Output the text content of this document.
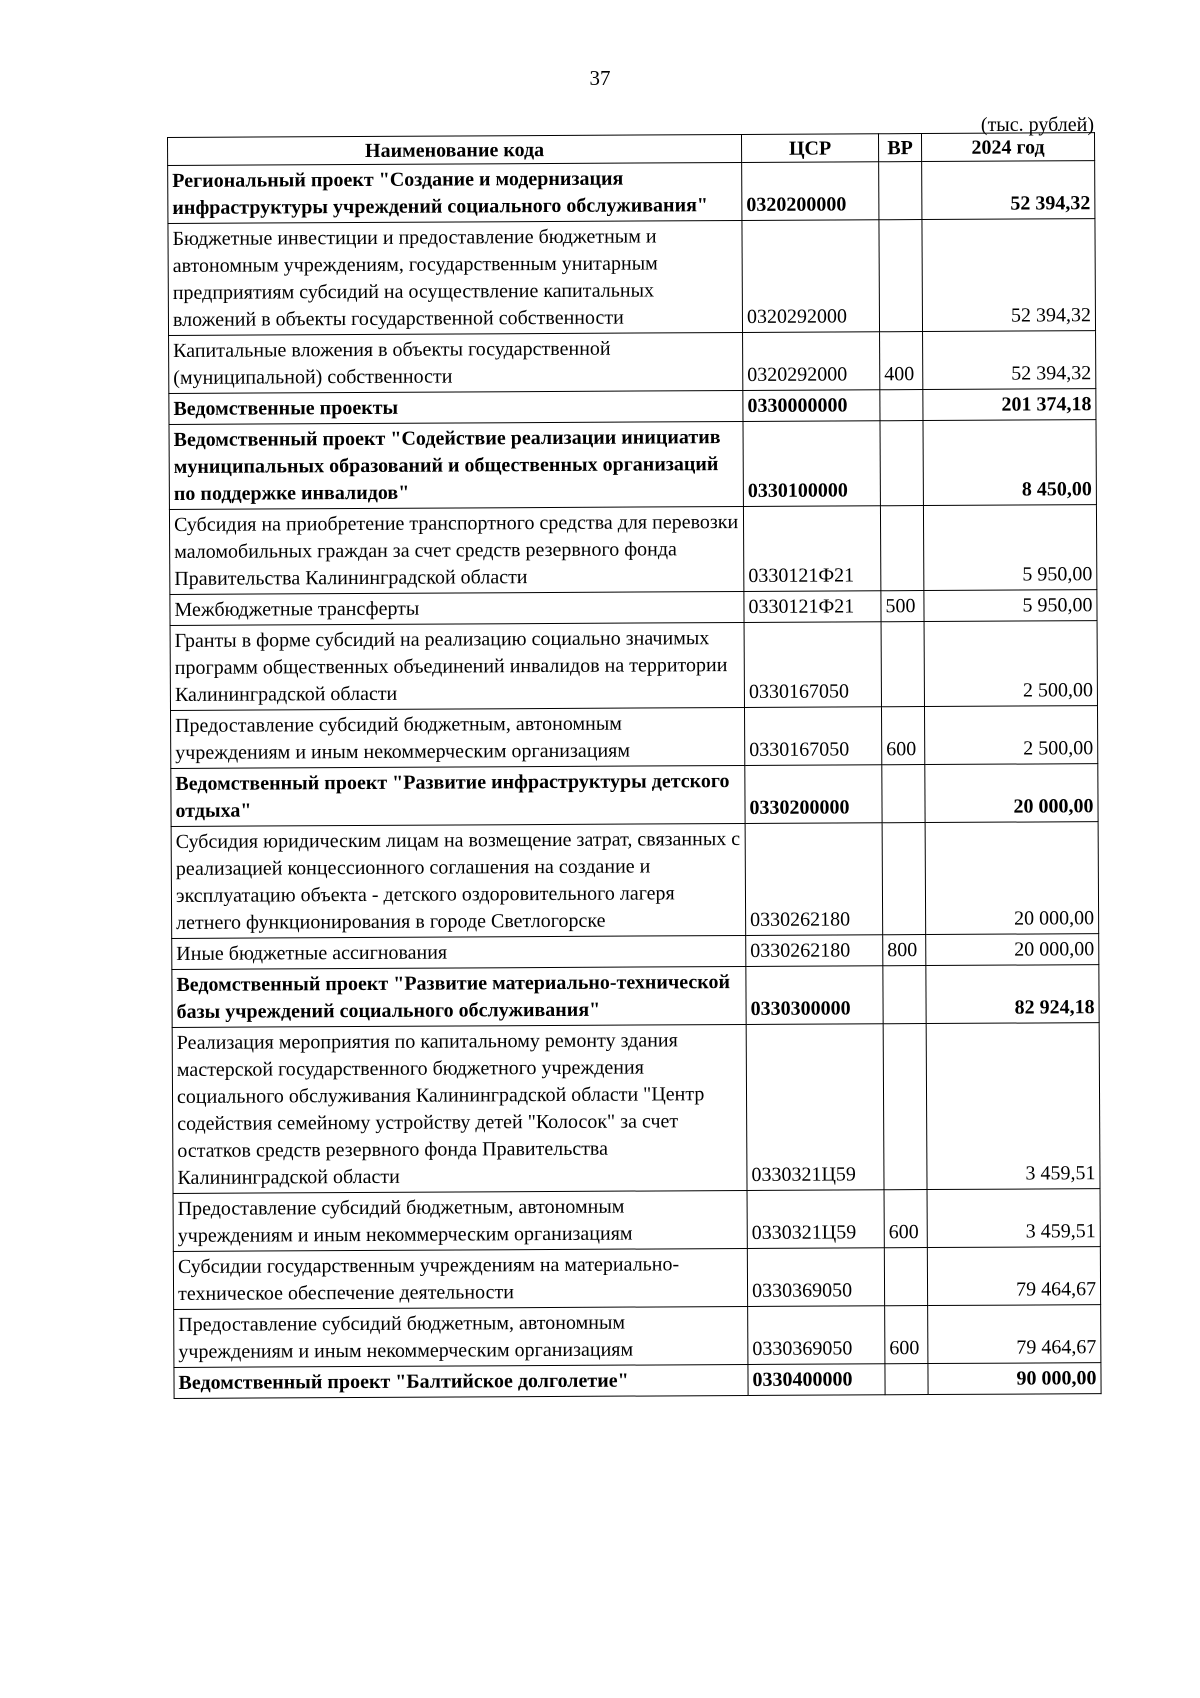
37
(тыс. рублей)
Наименование кода	ЦСР	ВР	2024 год
Региональный проект "Создание и модернизация инфраструктуры учреждений социального обслуживания"	0320200000		52 394,32
Бюджетные инвестиции и предоставление бюджетным и автономным учреждениям, государственным унитарным предприятиям субсидий на осуществление капитальных вложений в объекты государственной собственности	0320292000		52 394,32
Капитальные вложения в объекты государственной (муниципальной) собственности	0320292000	400	52 394,32
Ведомственные проекты	0330000000		201 374,18
Ведомственный проект "Содействие реализации инициатив муниципальных образований и общественных организаций по поддержке инвалидов"	0330100000		8 450,00
Субсидия на приобретение транспортного средства для перевозки маломобильных граждан за счет средств резервного фонда Правительства Калининградской области	0330121Ф21		5 950,00
Межбюджетные трансферты	0330121Ф21	500	5 950,00
Гранты в форме субсидий на реализацию социально значимых программ общественных объединений инвалидов на территории Калининградской области	0330167050		2 500,00
Предоставление субсидий бюджетным, автономным учреждениям и иным некоммерческим организациям	0330167050	600	2 500,00
Ведомственный проект "Развитие инфраструктуры детского отдыха"	0330200000		20 000,00
Субсидия юридическим лицам на возмещение затрат, связанных с реализацией концессионного соглашения на создание и эксплуатацию объекта - детского оздоровительного лагеря летнего функционирования в городе Светлогорске	0330262180		20 000,00
Иные бюджетные ассигнования	0330262180	800	20 000,00
Ведомственный проект "Развитие материально-технической базы учреждений социального обслуживания"	0330300000		82 924,18
Реализация мероприятия по капитальному ремонту здания мастерской государственного бюджетного учреждения социального обслуживания Калининградской области "Центр содействия семейному устройству детей "Колосок" за счет остатков средств резервного фонда Правительства Калининградской области	0330321Ц59		3 459,51
Предоставление субсидий бюджетным, автономным учреждениям и иным некоммерческим организациям	0330321Ц59	600	3 459,51
Субсидии государственным учреждениям на материально-техническое обеспечение деятельности	0330369050		79 464,67
Предоставление субсидий бюджетным, автономным учреждениям и иным некоммерческим организациям	0330369050	600	79 464,67
Ведомственный проект "Балтийское долголетие"	0330400000		90 000,00
